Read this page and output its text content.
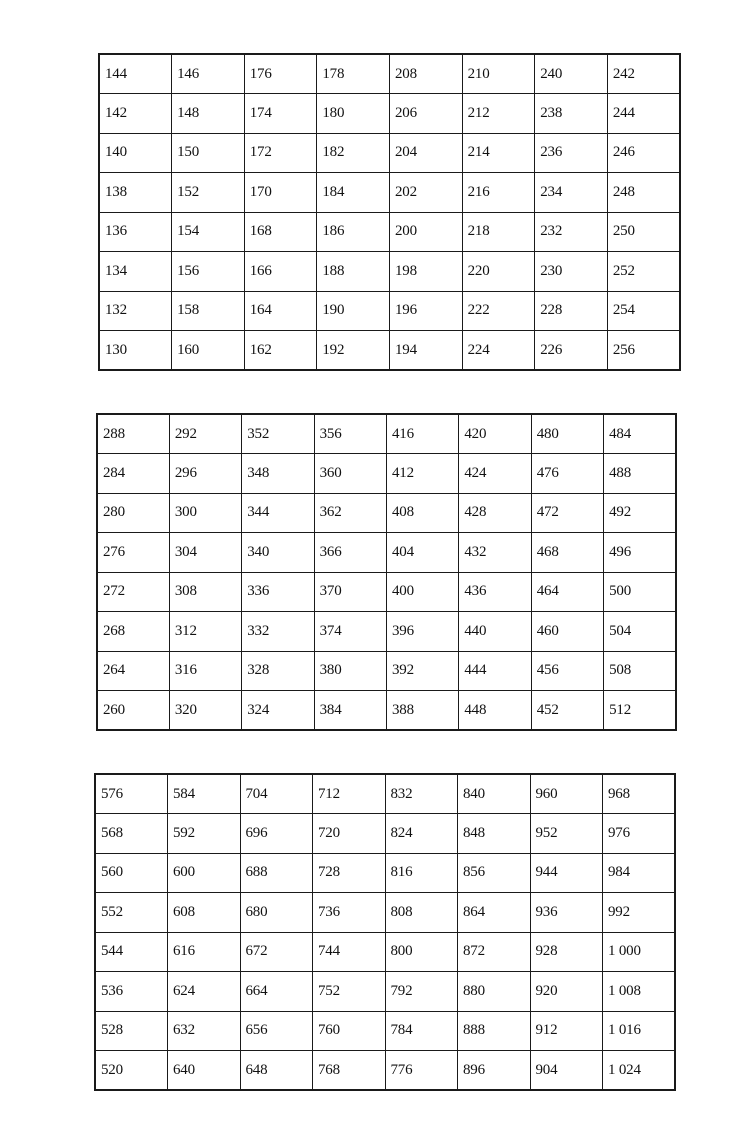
144	146	176	178	208	210	240	242
142	148	174	180	206	212	238	244
140	150	172	182	204	214	236	246
138	152	170	184	202	216	234	248
136	154	168	186	200	218	232	250
134	156	166	188	198	220	230	252
132	158	164	190	196	222	228	254
130	160	162	192	194	224	226	256
288	292	352	356	416	420	480	484
284	296	348	360	412	424	476	488
280	300	344	362	408	428	472	492
276	304	340	366	404	432	468	496
272	308	336	370	400	436	464	500
268	312	332	374	396	440	460	504
264	316	328	380	392	444	456	508
260	320	324	384	388	448	452	512
576	584	704	712	832	840	960	968
568	592	696	720	824	848	952	976
560	600	688	728	816	856	944	984
552	608	680	736	808	864	936	992
544	616	672	744	800	872	928	1 000
536	624	664	752	792	880	920	1 008
528	632	656	760	784	888	912	1 016
520	640	648	768	776	896	904	1 024
